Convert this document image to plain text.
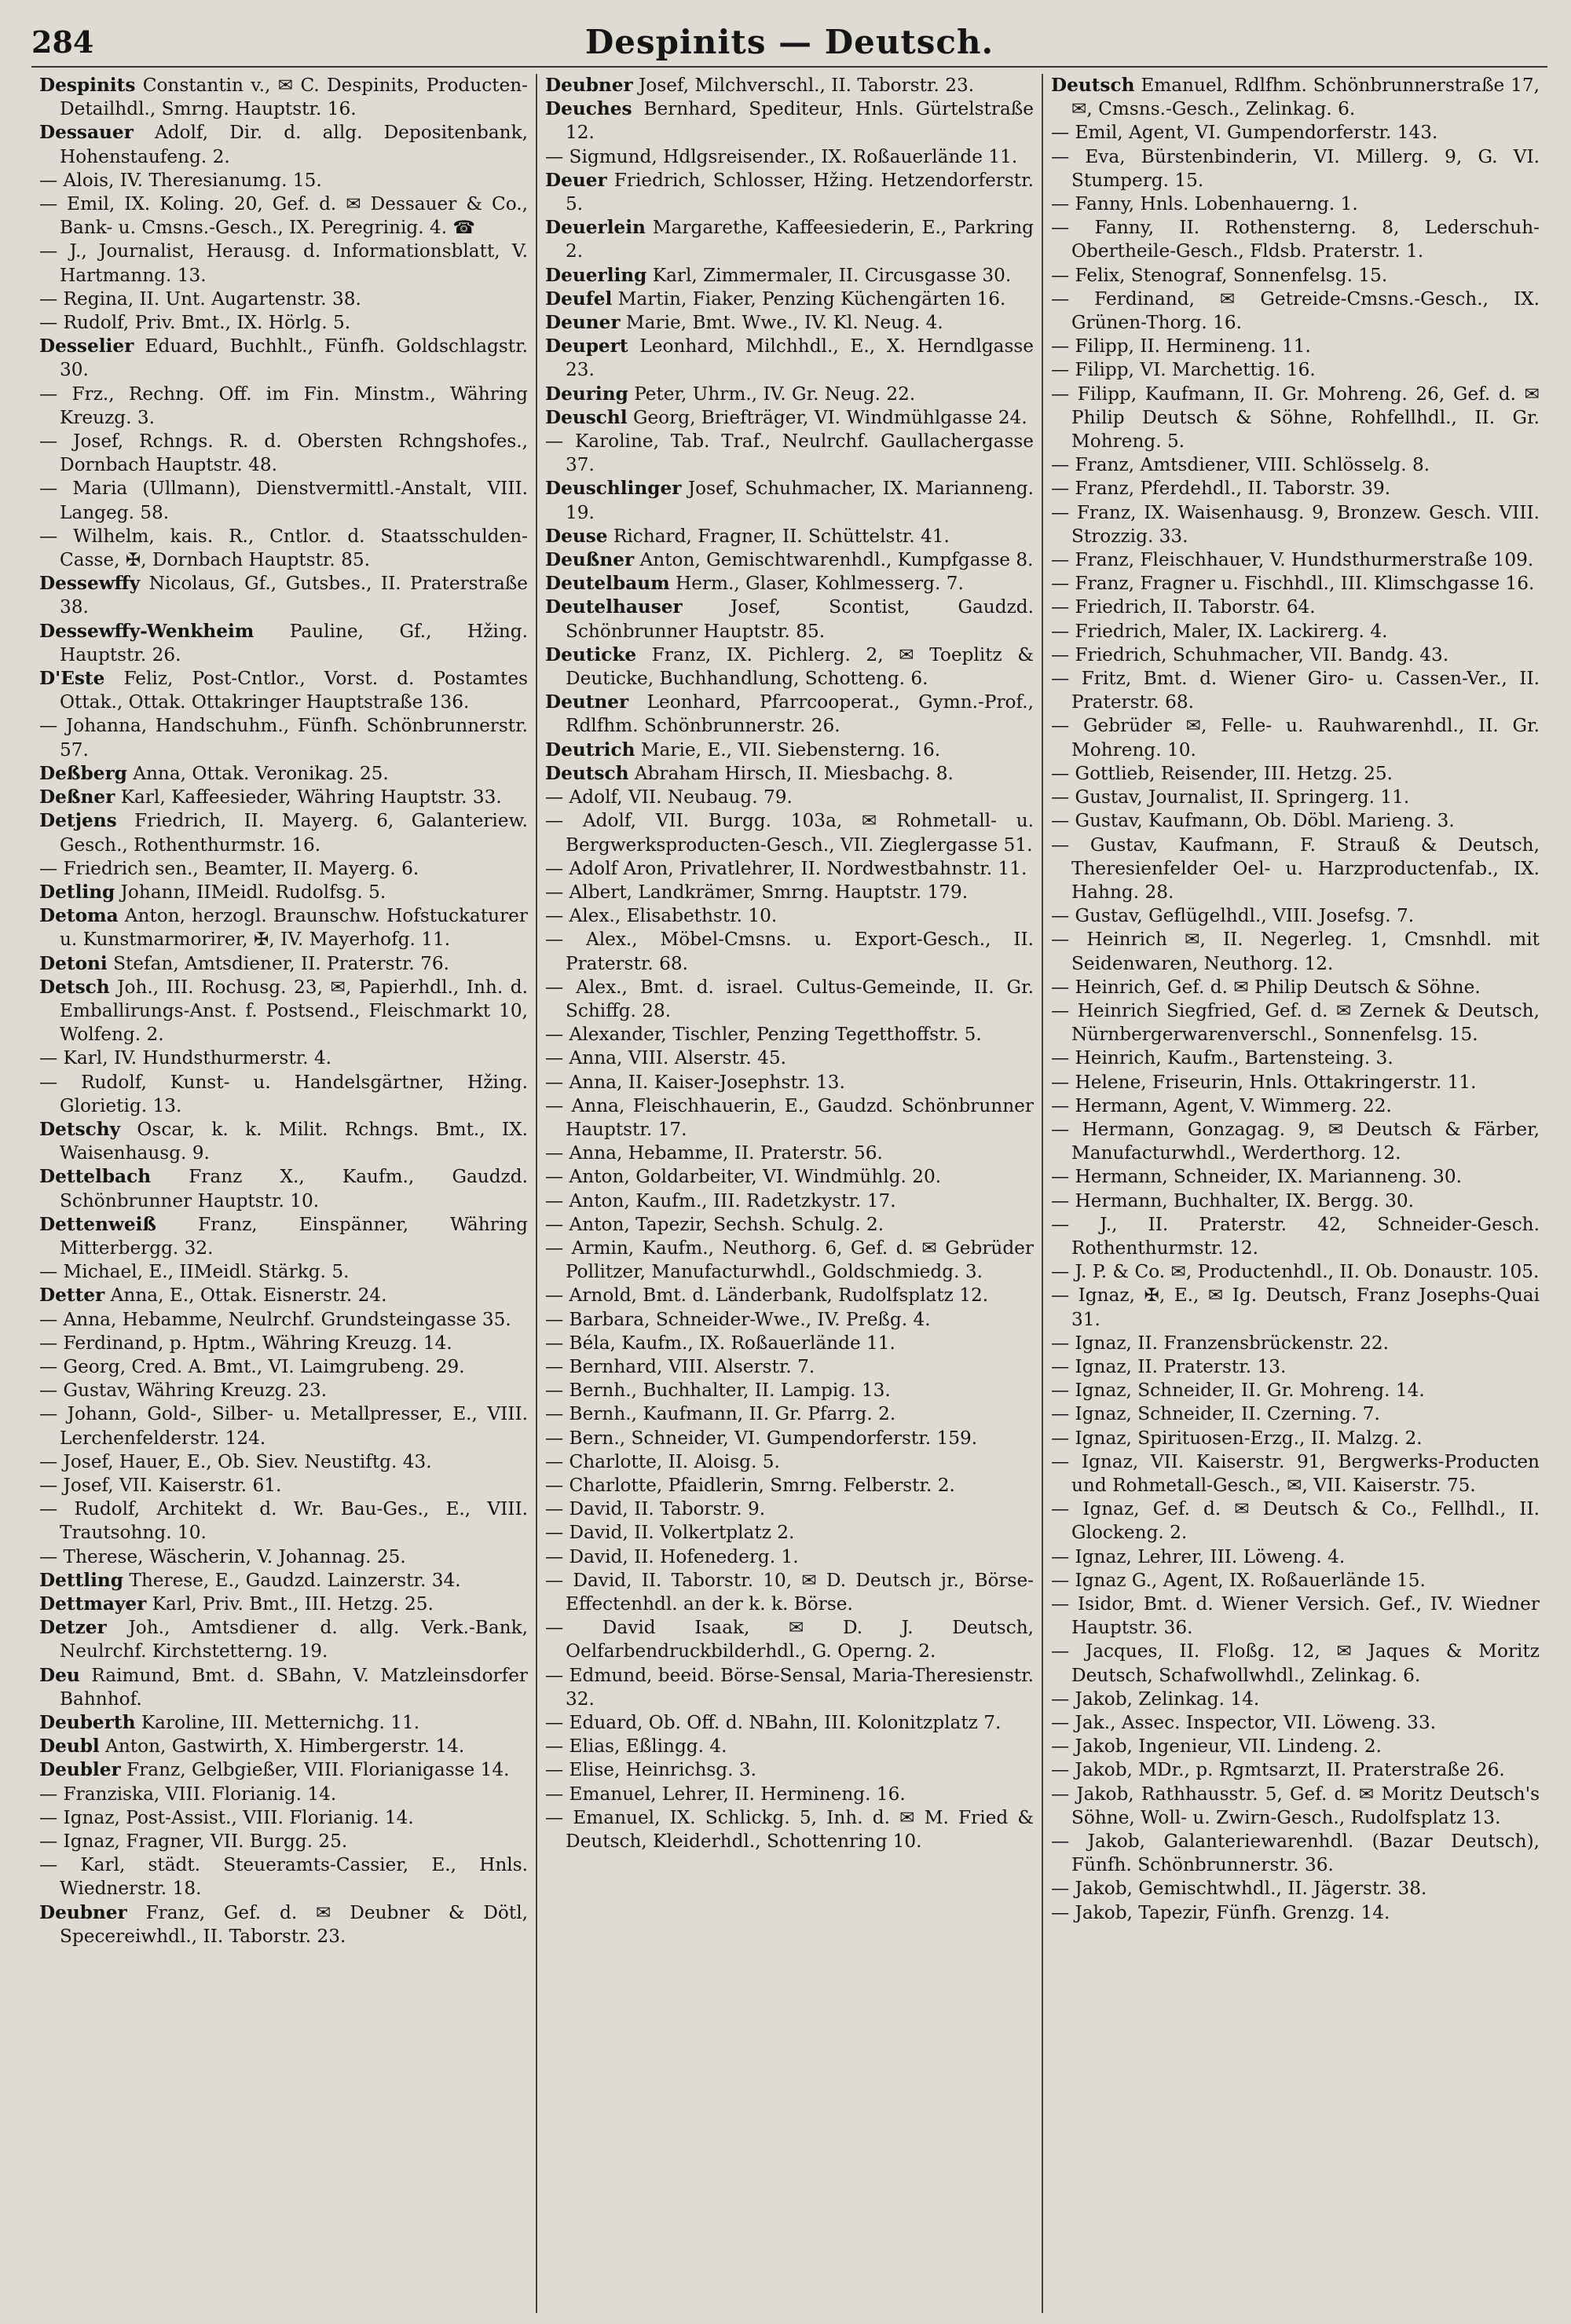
284	Despinits — Deutsch.
Despinits Constantin v., ✉ C. Despinits, Producten-Detailhdl., Smrng. Hauptstr. 16.
Dessauer Adolf, Dir. d. allg. Depositenbank, Hohenstaufeng. 2.
— Alois, IV. Theresianumg. 15.
— Emil, IX. Koling. 20, Gef. d. ✉ Dessauer & Co., Bank- u. Cmsns.-Gesch., IX. Peregrinig. 4. ☎
— J., Journalist, Herausg. d. Informationsblatt, V. Hartmanng. 13.
— Regina, II. Unt. Augartenstr. 38.
— Rudolf, Priv. Bmt., IX. Hörlg. 5.
Desselier Eduard, Buchhlt., Fünfh. Goldschlagstr. 30.
— Frz., Rechng. Off. im Fin. Minstm., Währing Kreuzg. 3.
— Josef, Rchngs. R. d. Obersten Rchngshofes., Dornbach Hauptstr. 48.
— Maria (Ullmann), Dienstvermittl.-Anstalt, VIII. Langeg. 58.
— Wilhelm, kais. R., Cntlor. d. Staatsschulden-Casse, ✠, Dornbach Hauptstr. 85.
Dessewffy Nicolaus, Gf., Gutsbes., II. Praterstraße 38.
Dessewffy-Wenkheim Pauline, Gf., Hžing. Hauptstr. 26.
D'Este Feliz, Post-Cntlor., Vorst. d. Postamtes Ottak., Ottak. Ottakringer Hauptstraße 136.
— Johanna, Handschuhm., Fünfh. Schönbrunnerstr. 57.
Deßberg Anna, Ottak. Veronikag. 25.
Deßner Karl, Kaffeesieder, Währing Hauptstr. 33.
Detjens Friedrich, II. Mayerg. 6, Galanteriew. Gesch., Rothenthurmstr. 16.
— Friedrich sen., Beamter, II. Mayerg. 6.
Detling Johann, IIMeidl. Rudolfsg. 5.
Detoma Anton, herzogl. Braunschw. Hofstuckaturer u. Kunstmarmorirer, ✠, IV. Mayerhofg. 11.
Detoni Stefan, Amtsdiener, II. Praterstr. 76.
Detsch Joh., III. Rochusg. 23, ✉, Papierhdl., Inh. d. Emballirungs-Anst. f. Postsend., Fleischmarkt 10, Wolfeng. 2.
— Karl, IV. Hundsthurmerstr. 4.
— Rudolf, Kunst- u. Handelsgärtner, Hžing. Glorietig. 13.
Detschy Oscar, k. k. Milit. Rchngs. Bmt., IX. Waisenhausg. 9.
Dettelbach Franz X., Kaufm., Gaudzd. Schönbrunner Hauptstr. 10.
Dettenweiß Franz, Einspänner, Währing Mitterbergg. 32.
— Michael, E., IIMeidl. Stärkg. 5.
Detter Anna, E., Ottak. Eisnerstr. 24.
— Anna, Hebamme, Neulrchf. Grundsteingasse 35.
— Ferdinand, p. Hptm., Währing Kreuzg. 14.
— Georg, Cred. A. Bmt., VI. Laimgrubeng. 29.
— Gustav, Währing Kreuzg. 23.
— Johann, Gold-, Silber- u. Metallpresser, E., VIII. Lerchenfelderstr. 124.
— Josef, Hauer, E., Ob. Siev. Neustiftg. 43.
— Josef, VII. Kaiserstr. 61.
— Rudolf, Architekt d. Wr. Bau-Ges., E., VIII. Trautsohng. 10.
— Therese, Wäscherin, V. Johannag. 25.
Dettling Therese, E., Gaudzd. Lainzerstr. 34.
Dettmayer Karl, Priv. Bmt., III. Hetzg. 25.
Detzer Joh., Amtsdiener d. allg. Verk.-Bank, Neulrchf. Kirchstetterng. 19.
Deu Raimund, Bmt. d. SBahn, V. Matzleinsdorfer Bahnhof.
Deuberth Karoline, III. Metternichg. 11.
Deubl Anton, Gastwirth, X. Himbergerstr. 14.
Deubler Franz, Gelbgießer, VIII. Florianigasse 14.
— Franziska, VIII. Florianig. 14.
— Ignaz, Post-Assist., VIII. Florianig. 14.
— Ignaz, Fragner, VII. Burgg. 25.
— Karl, städt. Steueramts-Cassier, E., Hnls. Wiednerstr. 18.
Deubner Franz, Gef. d. ✉ Deubner & Dötl, Specereiwhdl., II. Taborstr. 23.
Deubner Josef, Milchverschl., II. Taborstr. 23.
Deuches Bernhard, Spediteur, Hnls. Gürtelstraße 12.
— Sigmund, Hdlgsreisender., IX. Roßauerlände 11.
Deuer Friedrich, Schlosser, Hžing. Hetzendorferstr. 5.
Deuerlein Margarethe, Kaffeesiederin, E., Parkring 2.
Deuerling Karl, Zimmermaler, II. Circusgasse 30.
Deufel Martin, Fiaker, Penzing Küchengärten 16.
Deuner Marie, Bmt. Wwe., IV. Kl. Neug. 4.
Deupert Leonhard, Milchhdl., E., X. Herndlgasse 23.
Deuring Peter, Uhrm., IV. Gr. Neug. 22.
Deuschl Georg, Briefträger, VI. Windmühlgasse 24.
— Karoline, Tab. Traf., Neulrchf. Gaullachergasse 37.
Deuschlinger Josef, Schuhmacher, IX. Marianneng. 19.
Deuse Richard, Fragner, II. Schüttelstr. 41.
Deußner Anton, Gemischtwarenhdl., Kumpfgasse 8.
Deutelbaum Herm., Glaser, Kohlmesserg. 7.
Deutelhauser	Josef, Scontist, Gaudzd. Schönbrunner Hauptstr. 85.
Deuticke Franz, IX. Pichlerg. 2, ✉ Toeplitz & Deuticke, Buchhandlung, Schotteng. 6.
Deutner Leonhard, Pfarrcooperat., Gymn.-Prof., Rdlfhm. Schönbrunnerstr. 26.
Deutrich Marie, E., VII. Siebensterng. 16.
Deutsch Abraham Hirsch, II. Miesbachg. 8.
— Adolf, VII. Neubaug. 79.
— Adolf, VII. Burgg. 103a, ✉ Rohmetall- u. Bergwerksproducten-Gesch., VII. Zieglergasse 51.
— Adolf Aron, Privatlehrer, II. Nordwestbahnstr. 11.
— Albert, Landkrämer, Smrng. Hauptstr. 179.
— Alex., Elisabethstr. 10.
— Alex., Möbel-Cmsns. u. Export-Gesch., II. Praterstr. 68.
— Alex., Bmt. d. israel. Cultus-Gemeinde, II. Gr. Schiffg. 28.
— Alexander, Tischler, Penzing Tegetthoffstr. 5.
— Anna, VIII. Alserstr. 45.
— Anna, II. Kaiser-Josephstr. 13.
— Anna, Fleischhauerin, E., Gaudzd. Schönbrunner Hauptstr. 17.
— Anna, Hebamme, II. Praterstr. 56.
— Anton, Goldarbeiter, VI. Windmühlg. 20.
— Anton, Kaufm., III. Radetzkystr. 17.
— Anton, Tapezir, Sechsh. Schulg. 2.
— Armin, Kaufm., Neuthorg. 6, Gef. d. ✉ Gebrüder Pollitzer, Manufacturwhdl., Goldschmiedg. 3.
— Arnold, Bmt. d. Länderbank, Rudolfsplatz 12.
— Barbara, Schneider-Wwe., IV. Preßg. 4.
— Béla, Kaufm., IX. Roßauerlände 11.
— Bernhard, VIII. Alserstr. 7.
— Bernh., Buchhalter, II. Lampig. 13.
— Bernh., Kaufmann, II. Gr. Pfarrg. 2.
— Bern., Schneider, VI. Gumpendorferstr. 159.
— Charlotte, II. Aloisg. 5.
— Charlotte, Pfaidlerin, Smrng. Felberstr. 2.
— David, II. Taborstr. 9.
— David, II. Volkertplatz 2.
— David, II. Hofenederg. 1.
— David, II. Taborstr. 10, ✉ D. Deutsch jr., Börse-Effectenhdl. an der k. k. Börse.
— David Isaak, ✉ D. J. Deutsch, Oelfarbendruckbilderhdl., G. Operng. 2.
— Edmund, beeid. Börse-Sensal, Maria-Theresienstr. 32.
— Eduard, Ob. Off. d. NBahn, III. Kolonitzplatz 7.
— Elias, Eßlingg. 4.
— Elise, Heinrichsg. 3.
— Emanuel, Lehrer, II. Hermineng. 16.
— Emanuel, IX. Schlickg. 5, Inh. d. ✉ M. Fried & Deutsch, Kleiderhdl., Schottenring 10.
Deutsch Emanuel, Rdlfhm. Schönbrunnerstraße 17, ✉, Cmsns.-Gesch., Zelinkag. 6.
— Emil, Agent, VI. Gumpendorferstr. 143.
— Eva, Bürstenbinderin, VI. Millerg. 9, G. VI. Stumperg. 15.
— Fanny, Hnls. Lobenhauerng. 1.
— Fanny, II. Rothensterng. 8, Lederschuh-Obertheile-Gesch., Fldsb. Praterstr. 1.
— Felix, Stenograf, Sonnenfelsg. 15.
— Ferdinand, ✉ Getreide-Cmsns.-Gesch., IX. Grünen-Thorg. 16.
— Filipp, II. Hermineng. 11.
— Filipp, VI. Marchettig. 16.
— Filipp, Kaufmann, II. Gr. Mohreng. 26, Gef. d. ✉ Philip Deutsch & Söhne, Rohfellhdl., II. Gr. Mohreng. 5.
— Franz, Amtsdiener, VIII. Schlösselg. 8.
— Franz, Pferdehdl., II. Taborstr. 39.
— Franz, IX. Waisenhausg. 9, Bronzew. Gesch. VIII. Strozzig. 33.
— Franz, Fleischhauer, V. Hundsthurmerstraße 109.
— Franz, Fragner u. Fischhdl., III. Klimschgasse 16.
— Friedrich, II. Taborstr. 64.
— Friedrich, Maler, IX. Lackirerg. 4.
— Friedrich, Schuhmacher, VII. Bandg. 43.
— Fritz, Bmt. d. Wiener Giro- u. Cassen-Ver., II. Praterstr. 68.
— Gebrüder ✉, Felle- u. Rauhwarenhdl., II. Gr. Mohreng. 10.
— Gottlieb, Reisender, III. Hetzg. 25.
— Gustav, Journalist, II. Springerg. 11.
— Gustav, Kaufmann, Ob. Döbl. Marieng. 3.
— Gustav, Kaufmann, F. Strauß & Deutsch, Theresienfelder Oel- u. Harzproductenfab., IX. Hahng. 28.
— Gustav, Geflügelhdl., VIII. Josefsg. 7.
— Heinrich ✉, II. Negerleg. 1, Cmsnhdl. mit Seidenwaren, Neuthorg. 12.
— Heinrich, Gef. d. ✉ Philip Deutsch & Söhne.
— Heinrich Siegfried, Gef. d. ✉ Zernek & Deutsch, Nürnbergerwarenverschl., Sonnenfelsg. 15.
— Heinrich, Kaufm., Bartensteing. 3.
— Helene, Friseurin, Hnls. Ottakringerstr. 11.
— Hermann, Agent, V. Wimmerg. 22.
— Hermann, Gonzagag. 9, ✉ Deutsch & Färber, Manufacturwhdl., Werderthorg. 12.
— Hermann, Schneider, IX. Marianneng. 30.
— Hermann, Buchhalter, IX. Bergg. 30.
— J., II. Praterstr. 42, Schneider-Gesch. Rothenthurmstr. 12.
— J. P. & Co. ✉, Productenhdl., II. Ob. Donaustr. 105.
— Ignaz, ✠, E., ✉ Ig. Deutsch, Franz Josephs-Quai 31.
— Ignaz, II. Franzensbrückenstr. 22.
— Ignaz, II. Praterstr. 13.
— Ignaz, Schneider, II. Gr. Mohreng. 14.
— Ignaz, Schneider, II. Czerning. 7.
— Ignaz, Spirituosen-Erzg., II. Malzg. 2.
— Ignaz, VII. Kaiserstr. 91, Bergwerks-Producten und Rohmetall-Gesch., ✉, VII. Kaiserstr. 75.
— Ignaz, Gef. d. ✉ Deutsch & Co., Fellhdl., II. Glockeng. 2.
— Ignaz, Lehrer, III. Löweng. 4.
— Ignaz G., Agent, IX. Roßauerlände 15.
— Isidor, Bmt. d. Wiener Versich. Gef., IV. Wiedner Hauptstr. 36.
— Jacques, II. Floßg. 12, ✉ Jaques & Moritz Deutsch, Schafwollwhdl., Zelinkag. 6.
— Jakob, Zelinkag. 14.
— Jak., Assec. Inspector, VII. Löweng. 33.
— Jakob, Ingenieur, VII. Lindeng. 2.
— Jakob, MDr., p. Rgmtsarzt, II. Praterstraße 26.
— Jakob, Rathhausstr. 5, Gef. d. ✉ Moritz Deutsch's Söhne, Woll- u. Zwirn-Gesch., Rudolfsplatz 13.
— Jakob, Galanteriewarenhdl. (Bazar Deutsch), Fünfh. Schönbrunnerstr. 36.
— Jakob, Gemischtwhdl., II. Jägerstr. 38.
— Jakob, Tapezir, Fünfh. Grenzg. 14.
